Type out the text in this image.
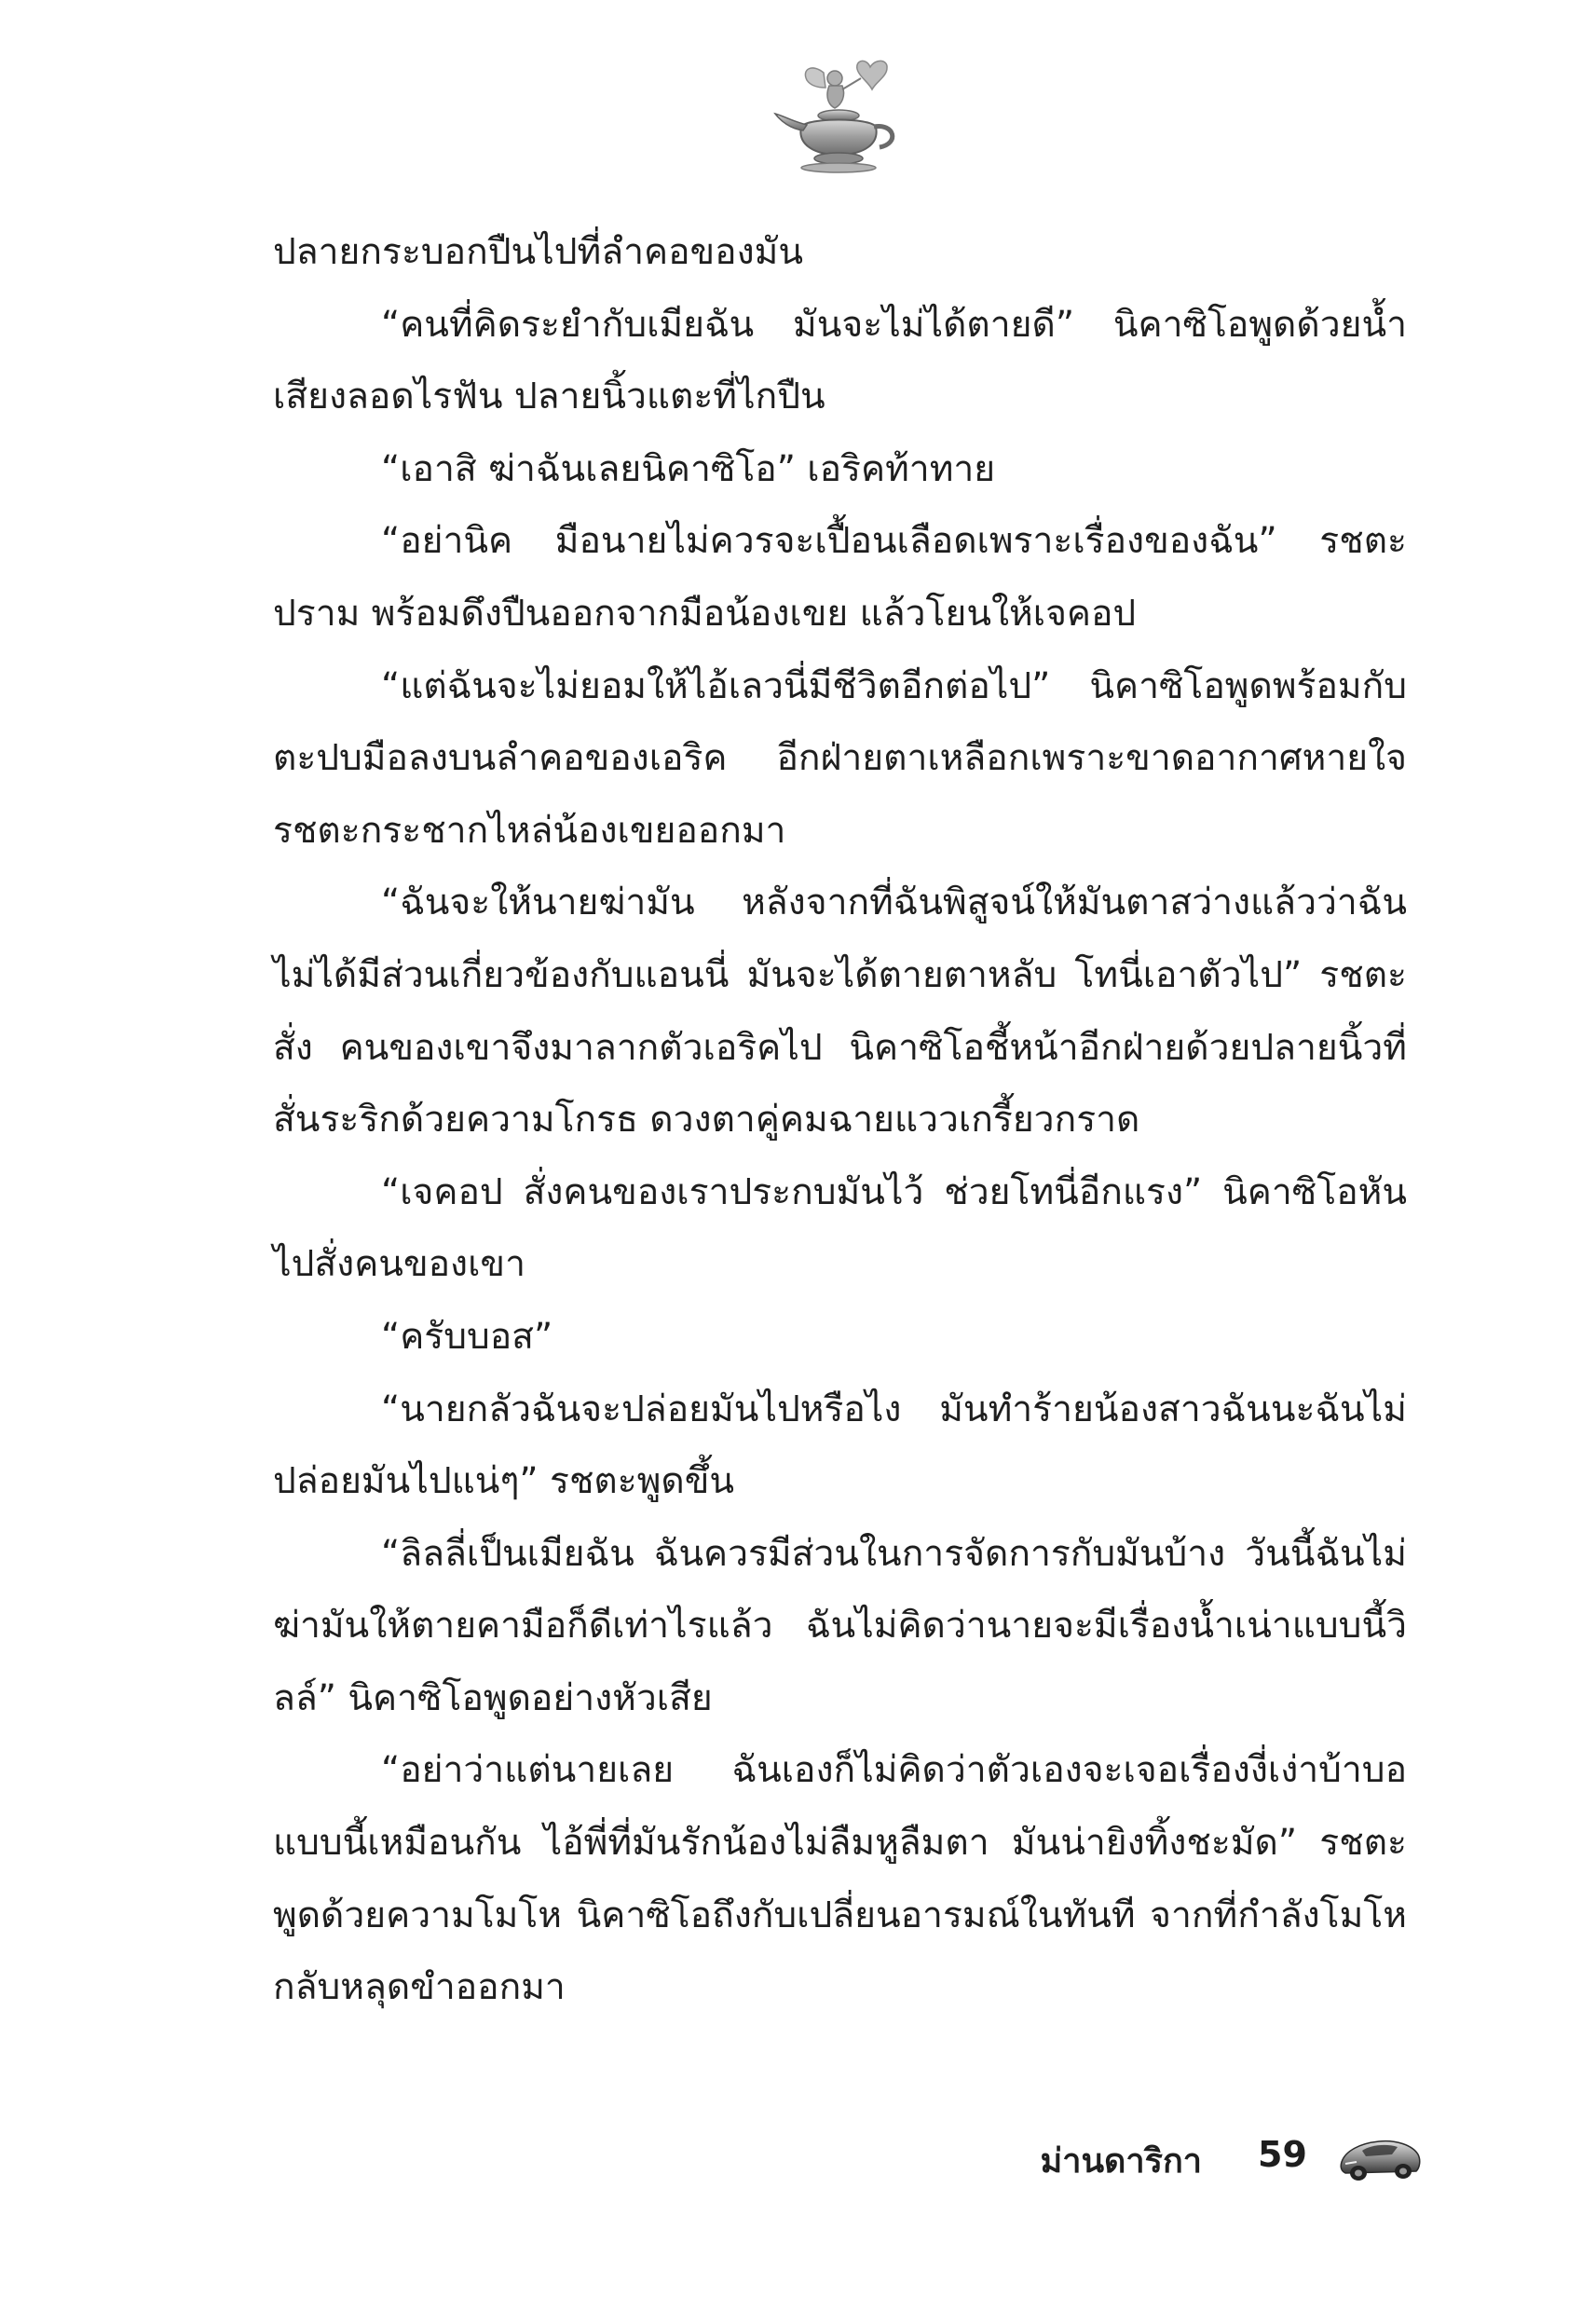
ปลายกระบอกปืนไปที่ลำคอของมัน

“คนที่คิดระยำกับเมียฉัน มันจะไม่ได้ตายดี” นิคาซิโอพูดด้วยน้ำเสียงลอดไรฟัน ปลายนิ้วแตะที่ไกปืน

“เอาสิ ฆ่าฉันเลยนิคาซิโอ” เอริคท้าทาย

“อย่านิค มือนายไม่ควรจะเปื้อนเลือดเพราะเรื่องของฉัน” รชตะปราม พร้อมดึงปืนออกจากมือน้องเขย แล้วโยนให้เจคอป

“แต่ฉันจะไม่ยอมให้ไอ้เลวนี่มีชีวิตอีกต่อไป” นิคาซิโอพูดพร้อมกับตะปบมือลงบนลำคอของเอริค อีกฝ่ายตาเหลือกเพราะขาดอากาศหายใจ รชตะกระชากไหล่น้องเขยออกมา

“ฉันจะให้นายฆ่ามัน หลังจากที่ฉันพิสูจน์ให้มันตาสว่างแล้วว่าฉันไม่ได้มีส่วนเกี่ยวข้องกับแอนนี่ มันจะได้ตายตาหลับ โทนี่เอาตัวไป” รชตะสั่ง คนของเขาจึงมาลากตัวเอริคไป นิคาซิโอชี้หน้าอีกฝ่ายด้วยปลายนิ้วที่สั่นระริกด้วยความโกรธ ดวงตาคู่คมฉายแววเกรี้ยวกราด

“เจคอป สั่งคนของเราประกบมันไว้ ช่วยโทนี่อีกแรง” นิคาซิโอหันไปสั่งคนของเขา

“ครับบอส”

“นายกลัวฉันจะปล่อยมันไปหรือไง มันทำร้ายน้องสาวฉันนะฉันไม่ปล่อยมันไปแน่ๆ” รชตะพูดขึ้น

“ลิลลี่เป็นเมียฉัน ฉันควรมีส่วนในการจัดการกับมันบ้าง วันนี้ฉันไม่ฆ่ามันให้ตายคามือก็ดีเท่าไรแล้ว ฉันไม่คิดว่านายจะมีเรื่องน้ำเน่าแบบนี้วิลล์” นิคาซิโอพูดอย่างหัวเสีย

“อย่าว่าแต่นายเลย ฉันเองก็ไม่คิดว่าตัวเองจะเจอเรื่องงี่เง่าบ้าบอแบบนี้เหมือนกัน ไอ้พี่ที่มันรักน้องไม่ลืมหูลืมตา มันน่ายิงทิ้งชะมัด” รชตะพูดด้วยความโมโห นิคาซิโอถึงกับเปลี่ยนอารมณ์ในทันที จากที่กำลังโมโหกลับหลุดขำออกมา

ม่านดาริกา 59
